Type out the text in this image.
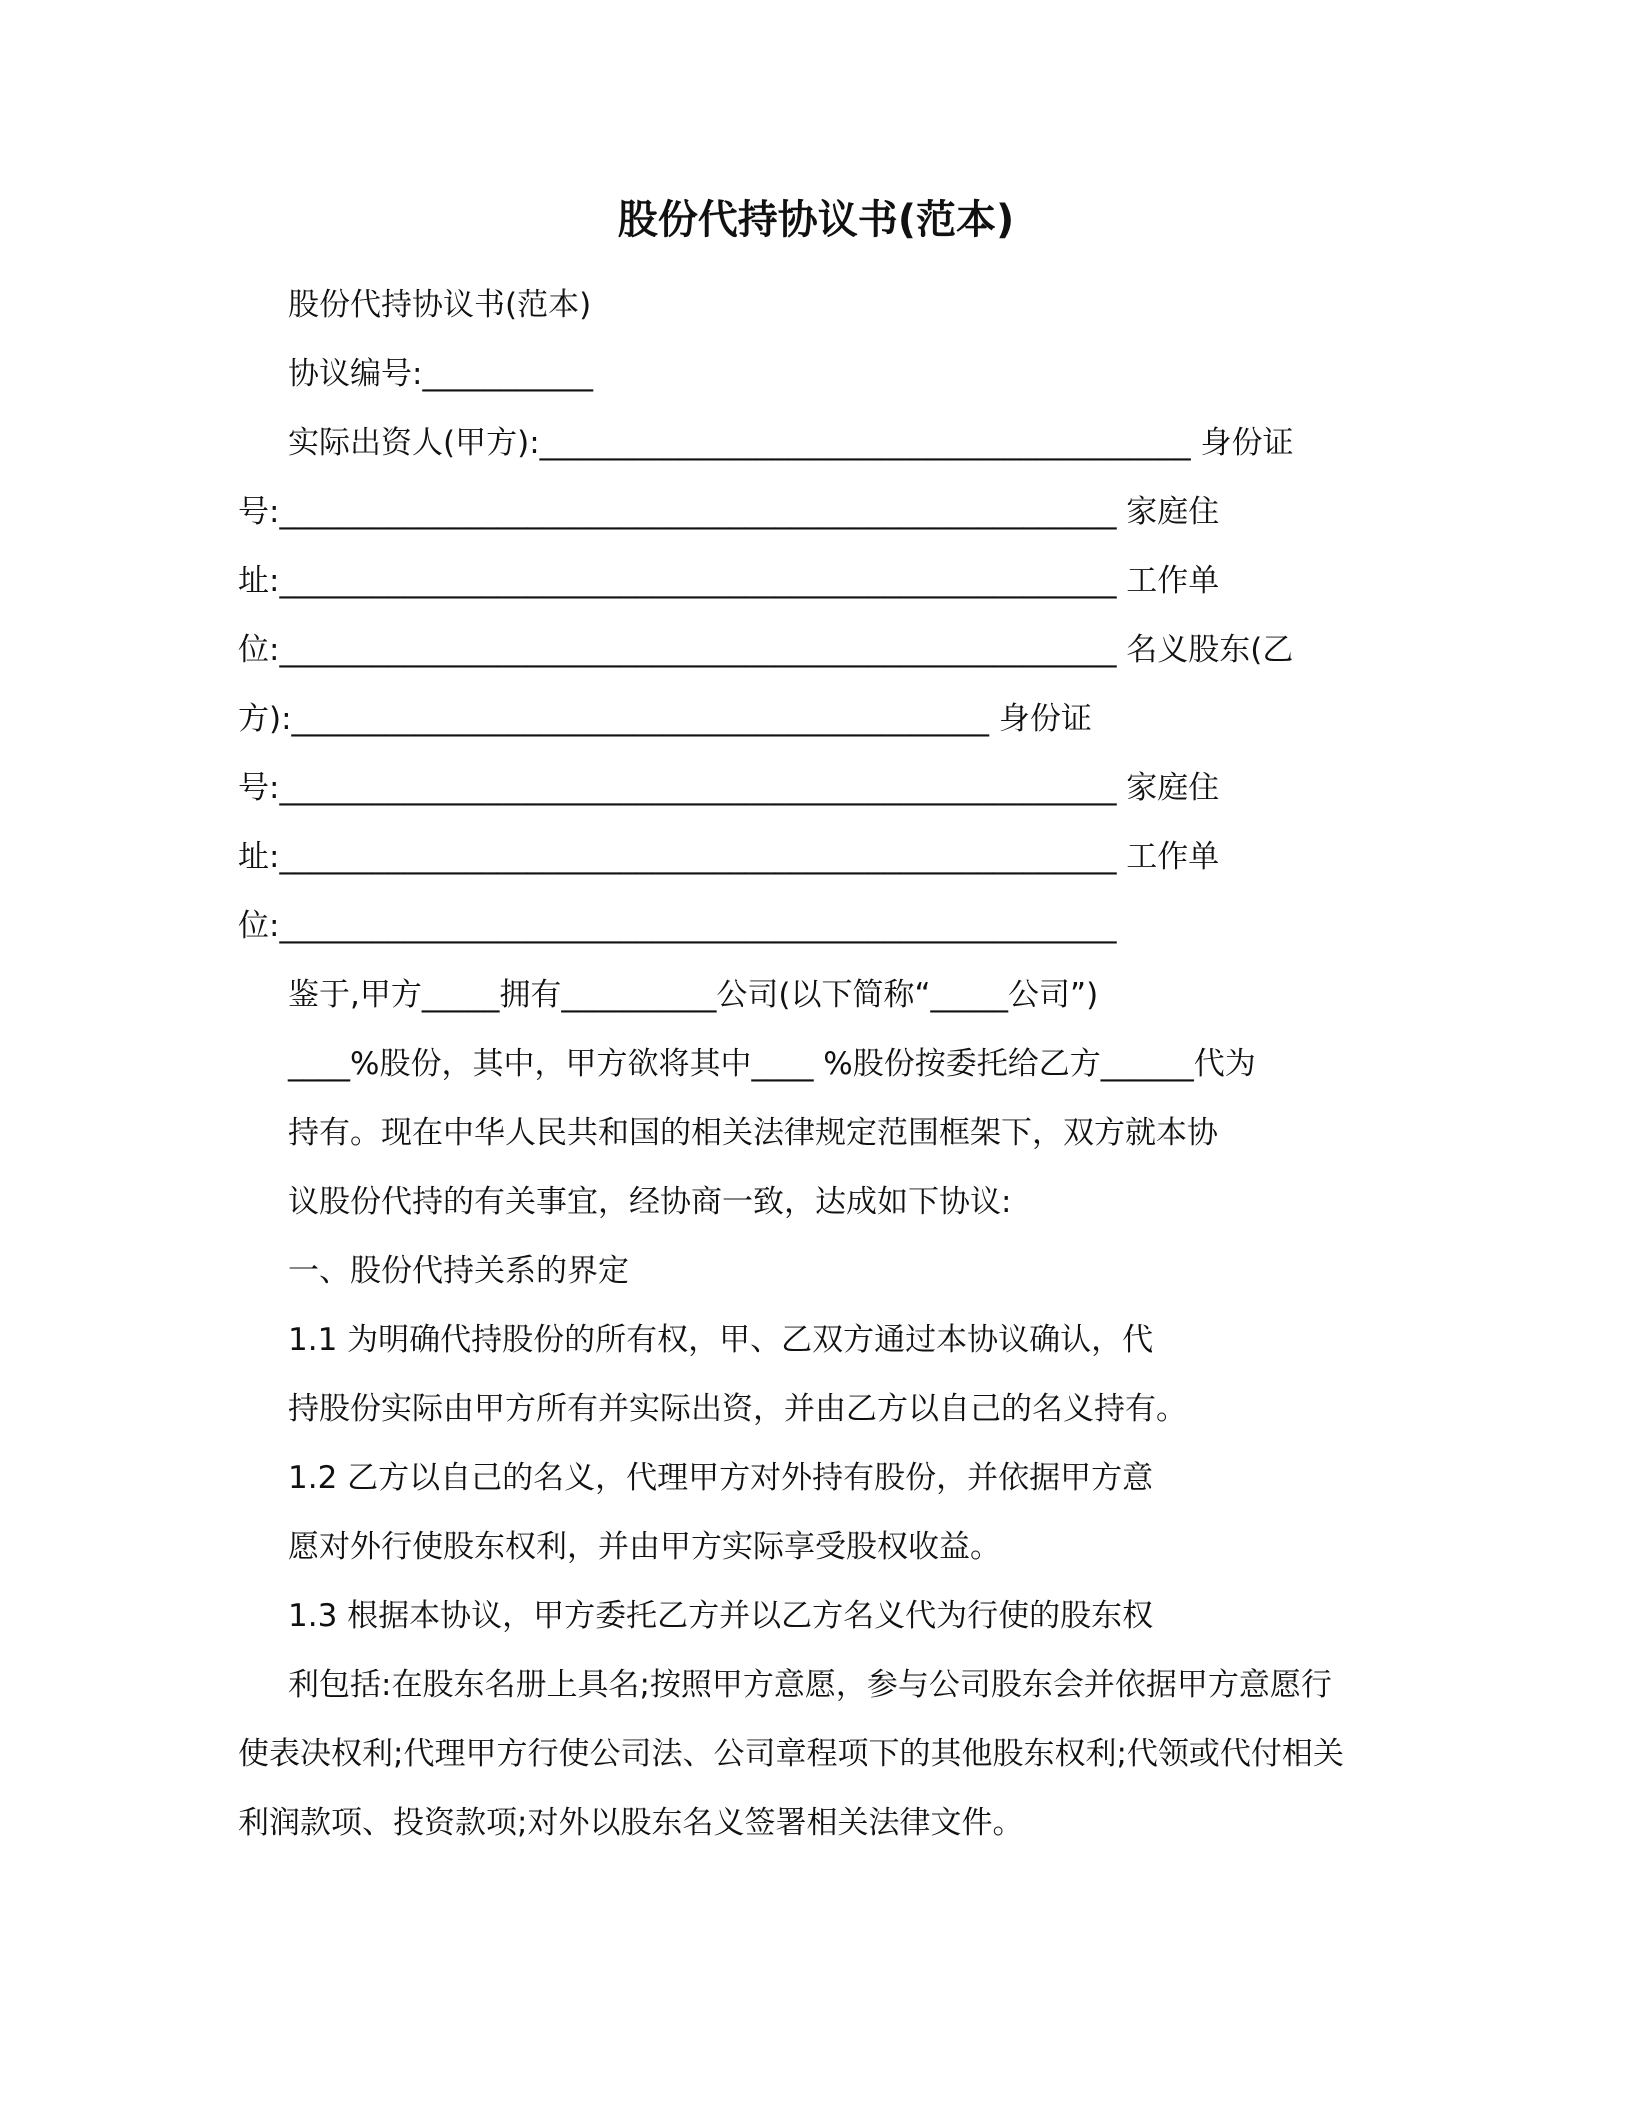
股份代持协议书(范本)
股份代持协议书(范本)
协议编号:___________
实际出资人(甲方):__________________________________________ 身份证
号:______________________________________________________ 家庭住
址:______________________________________________________ 工作单
位:______________________________________________________ 名义股东(乙
方):_____________________________________________ 身份证
号:______________________________________________________ 家庭住
址:______________________________________________________ 工作单
位:______________________________________________________
鉴于,甲方_____拥有__________公司(以下简称“_____公司”)
____%股份，其中，甲方欲将其中____ %股份按委托给乙方______代为
持有。现在中华人民共和国的相关法律规定范围框架下，双方就本协
议股份代持的有关事宜，经协商一致，达成如下协议:
一、股份代持关系的界定
1.1 为明确代持股份的所有权，甲、乙双方通过本协议确认，代
持股份实际由甲方所有并实际出资，并由乙方以自己的名义持有。
1.2 乙方以自己的名义，代理甲方对外持有股份，并依据甲方意
愿对外行使股东权利，并由甲方实际享受股权收益。
1.3 根据本协议，甲方委托乙方并以乙方名义代为行使的股东权
利包括:在股东名册上具名;按照甲方意愿，参与公司股东会并依据甲方意愿行
使表决权利;代理甲方行使公司法、公司章程项下的其他股东权利;代领或代付相关
利润款项、投资款项;对外以股东名义签署相关法律文件。
